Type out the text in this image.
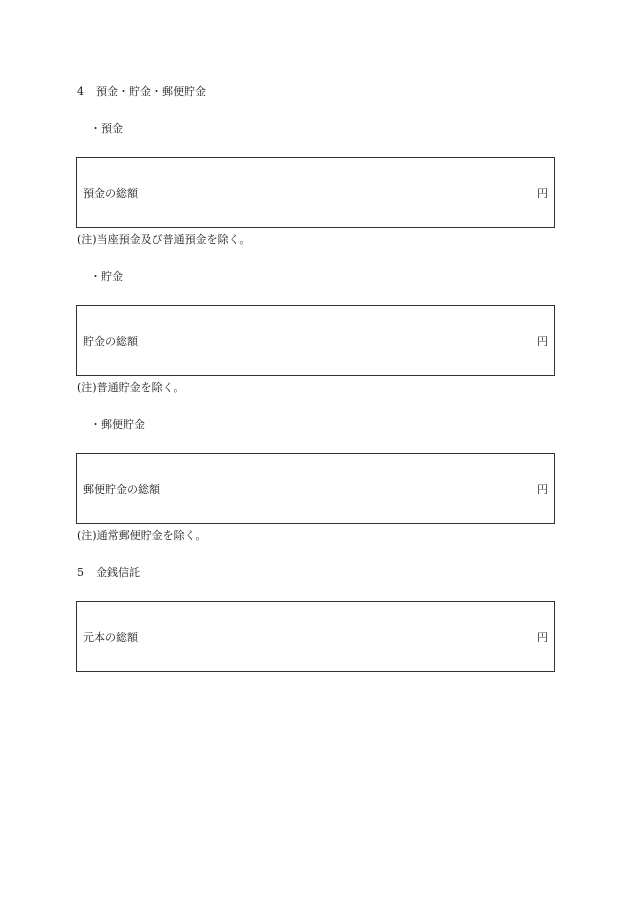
4 預金・貯金・郵便貯金
・預金
預金の総額	円
(注)当座預金及び普通預金を除く。
・貯金
貯金の総額	円
(注)普通貯金を除く。
・郵便貯金
郵便貯金の総額	円
(注)通常郵便貯金を除く。
5 金銭信託
元本の総額	円
